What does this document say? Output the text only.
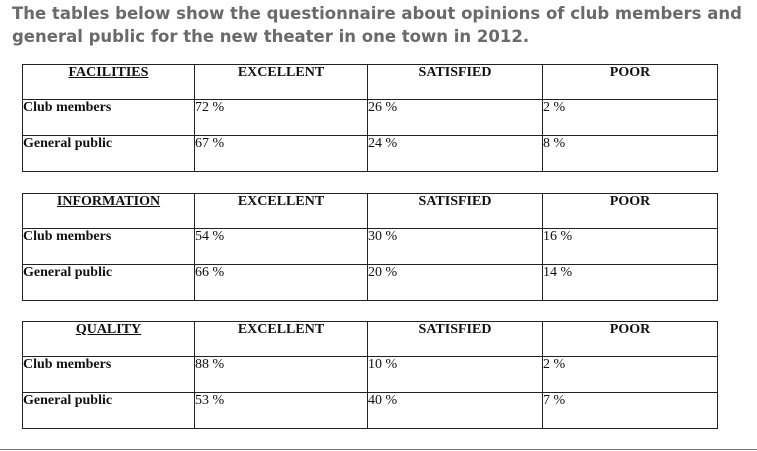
The tables below show the questionnaire about opinions of club members and general public for the new theater in one town in 2012.
FACILITIES	EXCELLENT	SATISFIED	POOR
Club members	72 %	26 %	2 %
General public	67 %	24 %	8 %
INFORMATION	EXCELLENT	SATISFIED	POOR
Club members	54 %	30 %	16 %
General public	66 %	20 %	14 %
QUALITY	EXCELLENT	SATISFIED	POOR
Club members	88 %	10 %	2 %
General public	53 %	40 %	7 %
